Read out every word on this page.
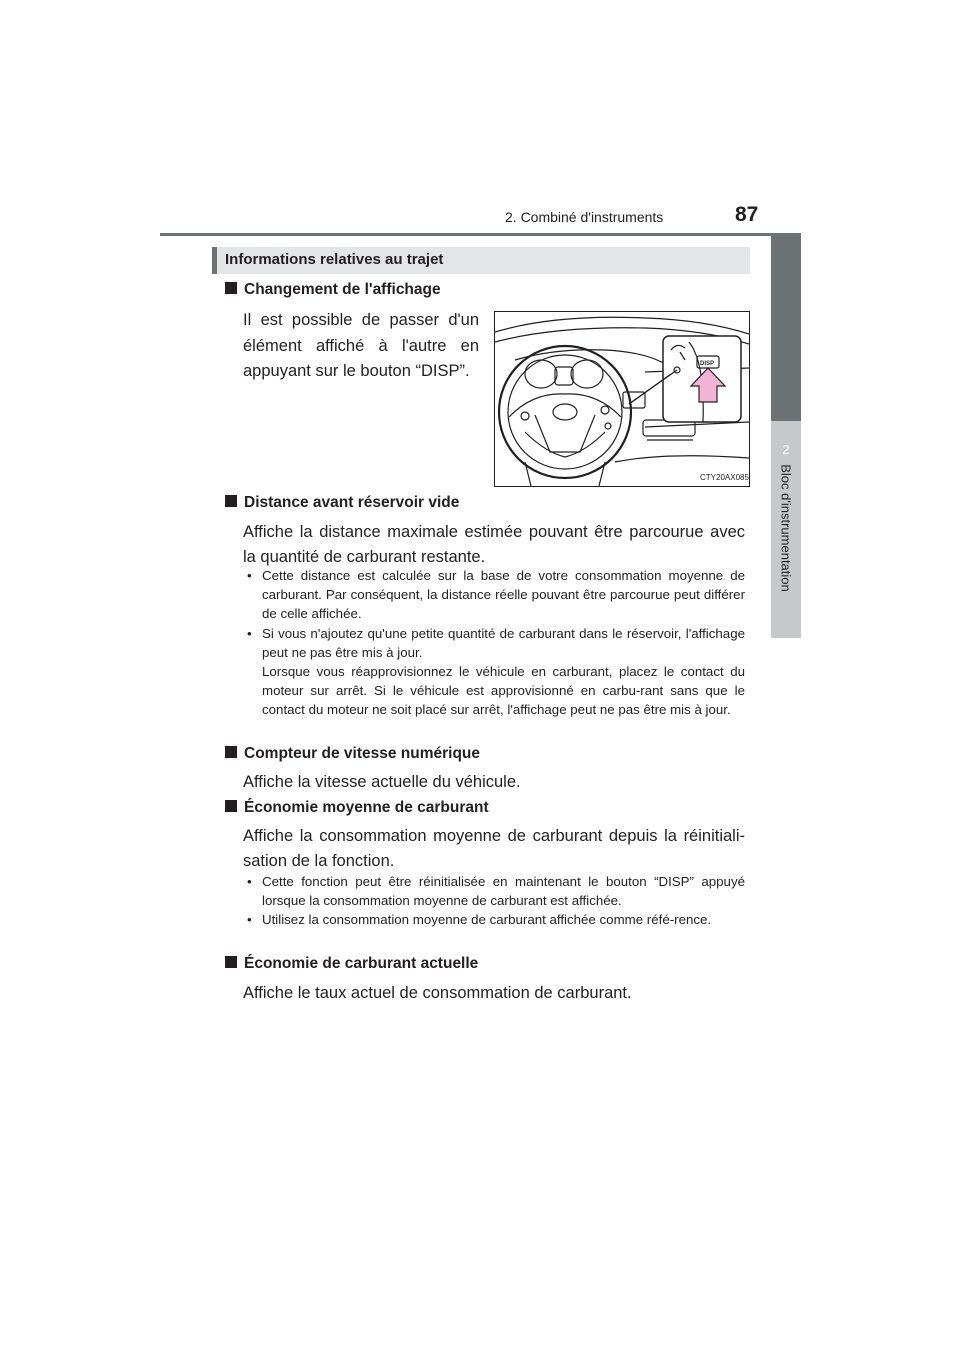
2. Combiné d'instruments	87
2
Bloc d'instrumentation
Informations relatives au trajet
Changement de l'affichage
Il est possible de passer d'un
élément affiché à l'autre en
appuyant sur le bouton “DISP”.	DISP
CTY20AX085
Distance avant réservoir vide
Affiche la distance maximale estimée pouvant être parcourue avec
la quantité de carburant restante.
• Cette distance est calculée sur la base de votre consommation moyenne de carburant. Par conséquent, la distance réelle pouvant être parcourue peut différer de celle affichée.
• Si vous n'ajoutez qu'une petite quantité de carburant dans le réservoir, l'affichage peut ne pas être mis à jour.
Lorsque vous réapprovisionnez le véhicule en carburant, placez le contact du moteur sur arrêt. Si le véhicule est approvisionné en carbu-rant sans que le contact du moteur ne soit placé sur arrêt, l'affichage peut ne pas être mis à jour.
Compteur de vitesse numérique
Affiche la vitesse actuelle du véhicule.
Économie moyenne de carburant
Affiche la consommation moyenne de carburant depuis la réinitiali-
sation de la fonction.
• Cette fonction peut être réinitialisée en maintenant le bouton “DISP” appuyé lorsque la consommation moyenne de carburant est affichée.
• Utilisez la consommation moyenne de carburant affichée comme réfé-rence.
Économie de carburant actuelle
Affiche le taux actuel de consommation de carburant.
